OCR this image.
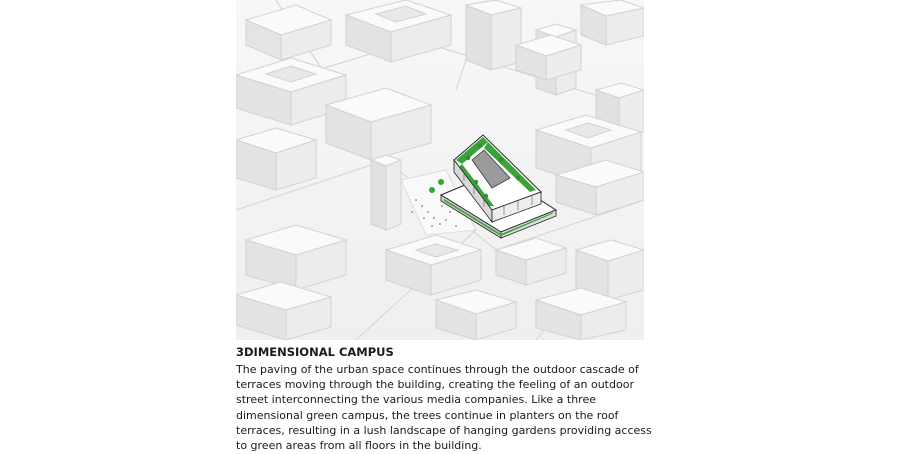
3DIMENSIONAL CAMPUS

The paving of the urban space continues through the outdoor cascade of terraces moving through the building, creating the feeling of an outdoor street interconnecting the various media companies. Like a three dimensional green campus, the trees continue in planters on the roof terraces, resulting in a lush landscape of hanging gardens providing access to green areas from all floors in the building.
